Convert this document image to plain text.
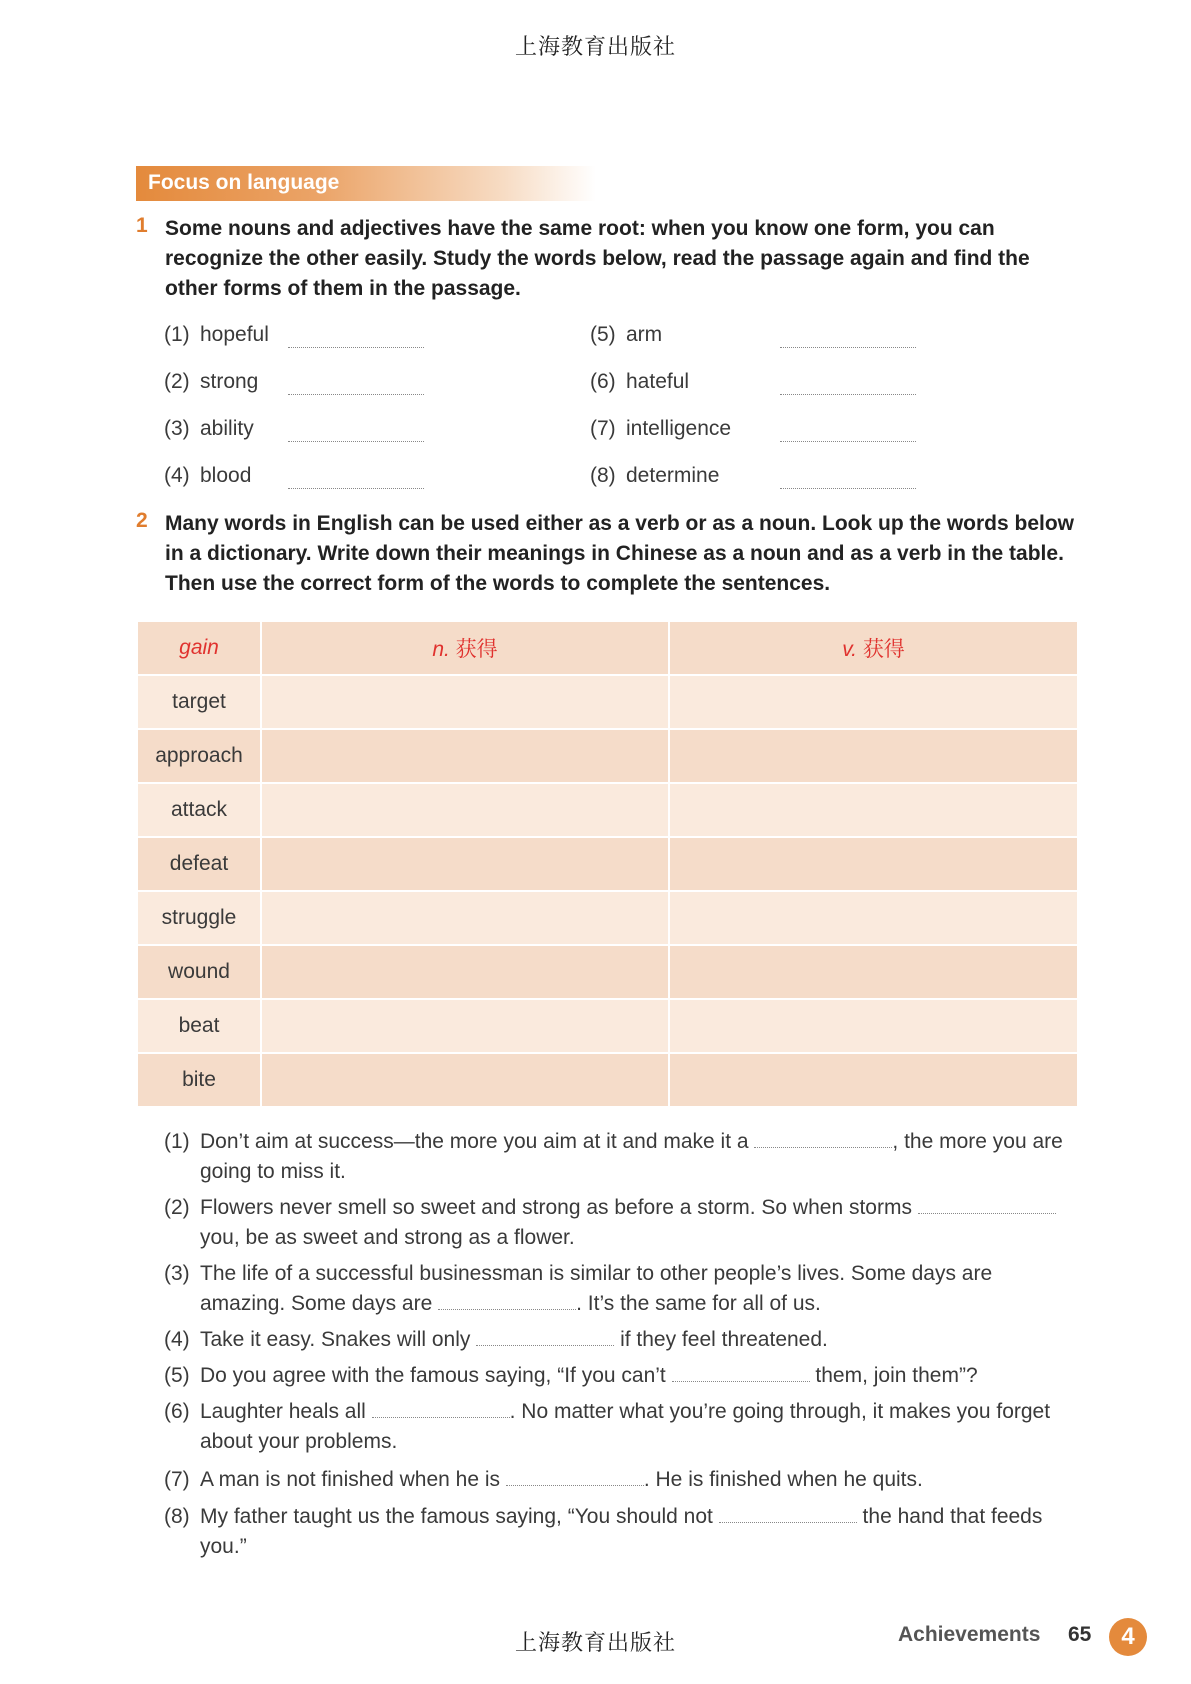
上海教育出版社
Focus on language
1 Some nouns and adjectives have the same root: when you know one form, you can recognize the other easily. Study the words below, read the passage again and find the other forms of them in the passage.
(1) hopeful
(2) strong
(3) ability
(4) blood
(5) arm
(6) hateful
(7) intelligence
(8) determine
2 Many words in English can be used either as a verb or as a noun. Look up the words below in a dictionary. Write down their meanings in Chinese as a noun and as a verb in the table. Then use the correct form of the words to complete the sentences.
gain	n. 获得	v. 获得
target		
approach		
attack		
defeat		
struggle		
wound		
beat		
bite		
(1) Don’t aim at success—the more you aim at it and make it a	, the more you are going to miss it.
(2) Flowers never smell so sweet and strong as before a storm. So when storms  you, be as sweet and strong as a flower.
(3) The life of a successful businessman is similar to other people’s lives. Some days are amazing. Some days are	. It’s the same for all of us.
(4) Take it easy. Snakes will only	if they feel threatened.
(5) Do you agree with the famous saying, “If you can’t	them, join them”?
(6) Laughter heals all	. No matter what you’re going through, it makes you forget about your problems.
(7) A man is not finished when he is	. He is finished when he quits.
(8) My father taught us the famous saying, “You should not	the hand that feeds you.”
上海教育出版社	Achievements 65	4
